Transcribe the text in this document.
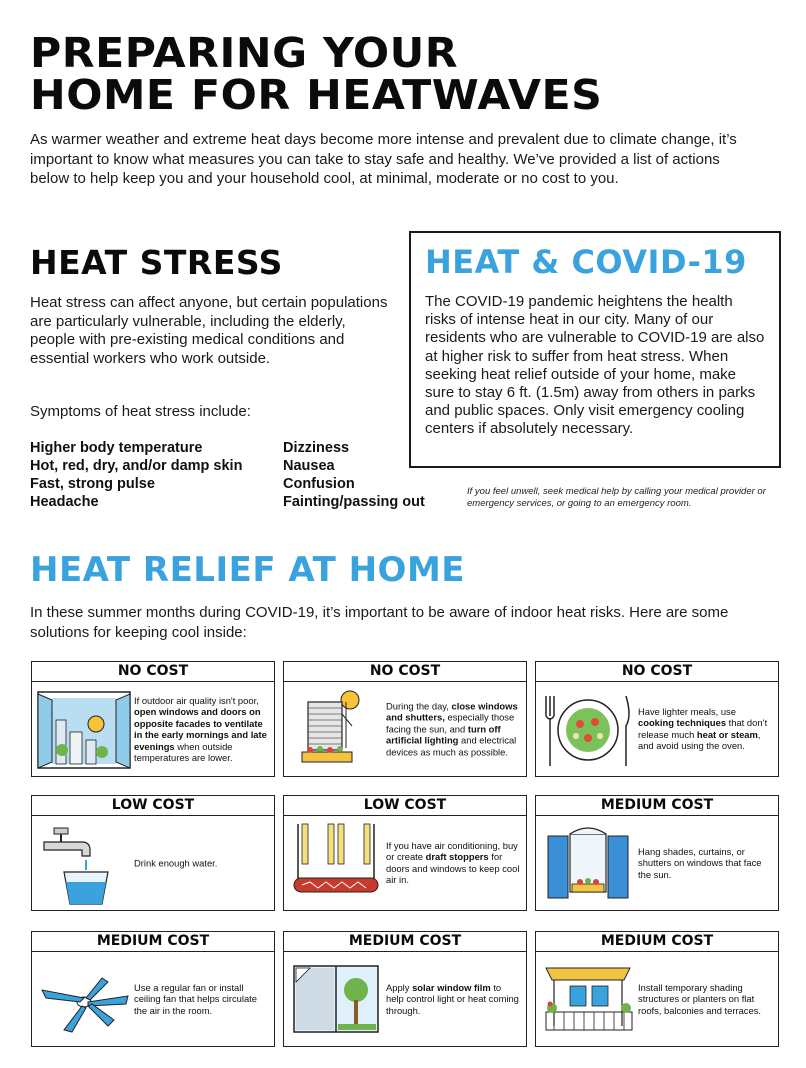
PREPARING YOUR
HOME FOR HEATWAVES

As warmer weather and extreme heat days become more intense and prevalent due to climate change, it’s important to know what measures you can take to stay safe and healthy. We’ve provided a list of actions below to help keep you and your household cool, at minimal, moderate or no cost to you.

HEAT STRESS

Heat stress can affect anyone, but certain populations are particularly vulnerable, including the elderly, people with pre-existing medical conditions and essential workers who work outside.

Symptoms of heat stress include:

Higher body temperature
Hot, red, dry, and/or damp skin
Fast, strong pulse
Headache
Dizziness
Nausea
Confusion
Fainting/passing out
HEAT & COVID-19

The COVID-19 pandemic heightens the health risks of intense heat in our city. Many of our residents who are vulnerable to COVID-19 are also at higher risk to suffer from heat stress. When seeking heat relief outside of your home, make sure to stay 6 ft. (1.5m) away from others in parks and public spaces. Only visit emergency cooling centers if absolutely necessary.

If you feel unwell, seek medical help by calling your medical provider or emergency services, or going to an emergency room.

HEAT RELIEF AT HOME

In these summer months during COVID-19, it’s important to be aware of indoor heat risks. Here are some solutions for keeping cool inside:

NO COST

If outdoor air quality isn't poor, open windows and doors on opposite facades to ventilate in the early mornings and late evenings when outside temperatures are lower.

NO COST

During the day, close windows and shutters, especially those facing the sun, and turn off artificial lighting and electrical devices as much as possible.

NO COST

Have lighter meals, use cooking techniques that don’t release much heat or steam, and avoid using the oven.

LOW COST

Drink enough water.

LOW COST

If you have air conditioning, buy or create draft stoppers for doors and windows to keep cool air in.

MEDIUM COST

Hang shades, curtains, or shutters on windows that face the sun.

MEDIUM COST

Use a regular fan or install ceiling fan that helps circulate the air in the room.

MEDIUM COST

Apply solar window film to help control light or heat coming through.

MEDIUM COST

Install temporary shading structures or planters on flat roofs, balconies and terraces.
